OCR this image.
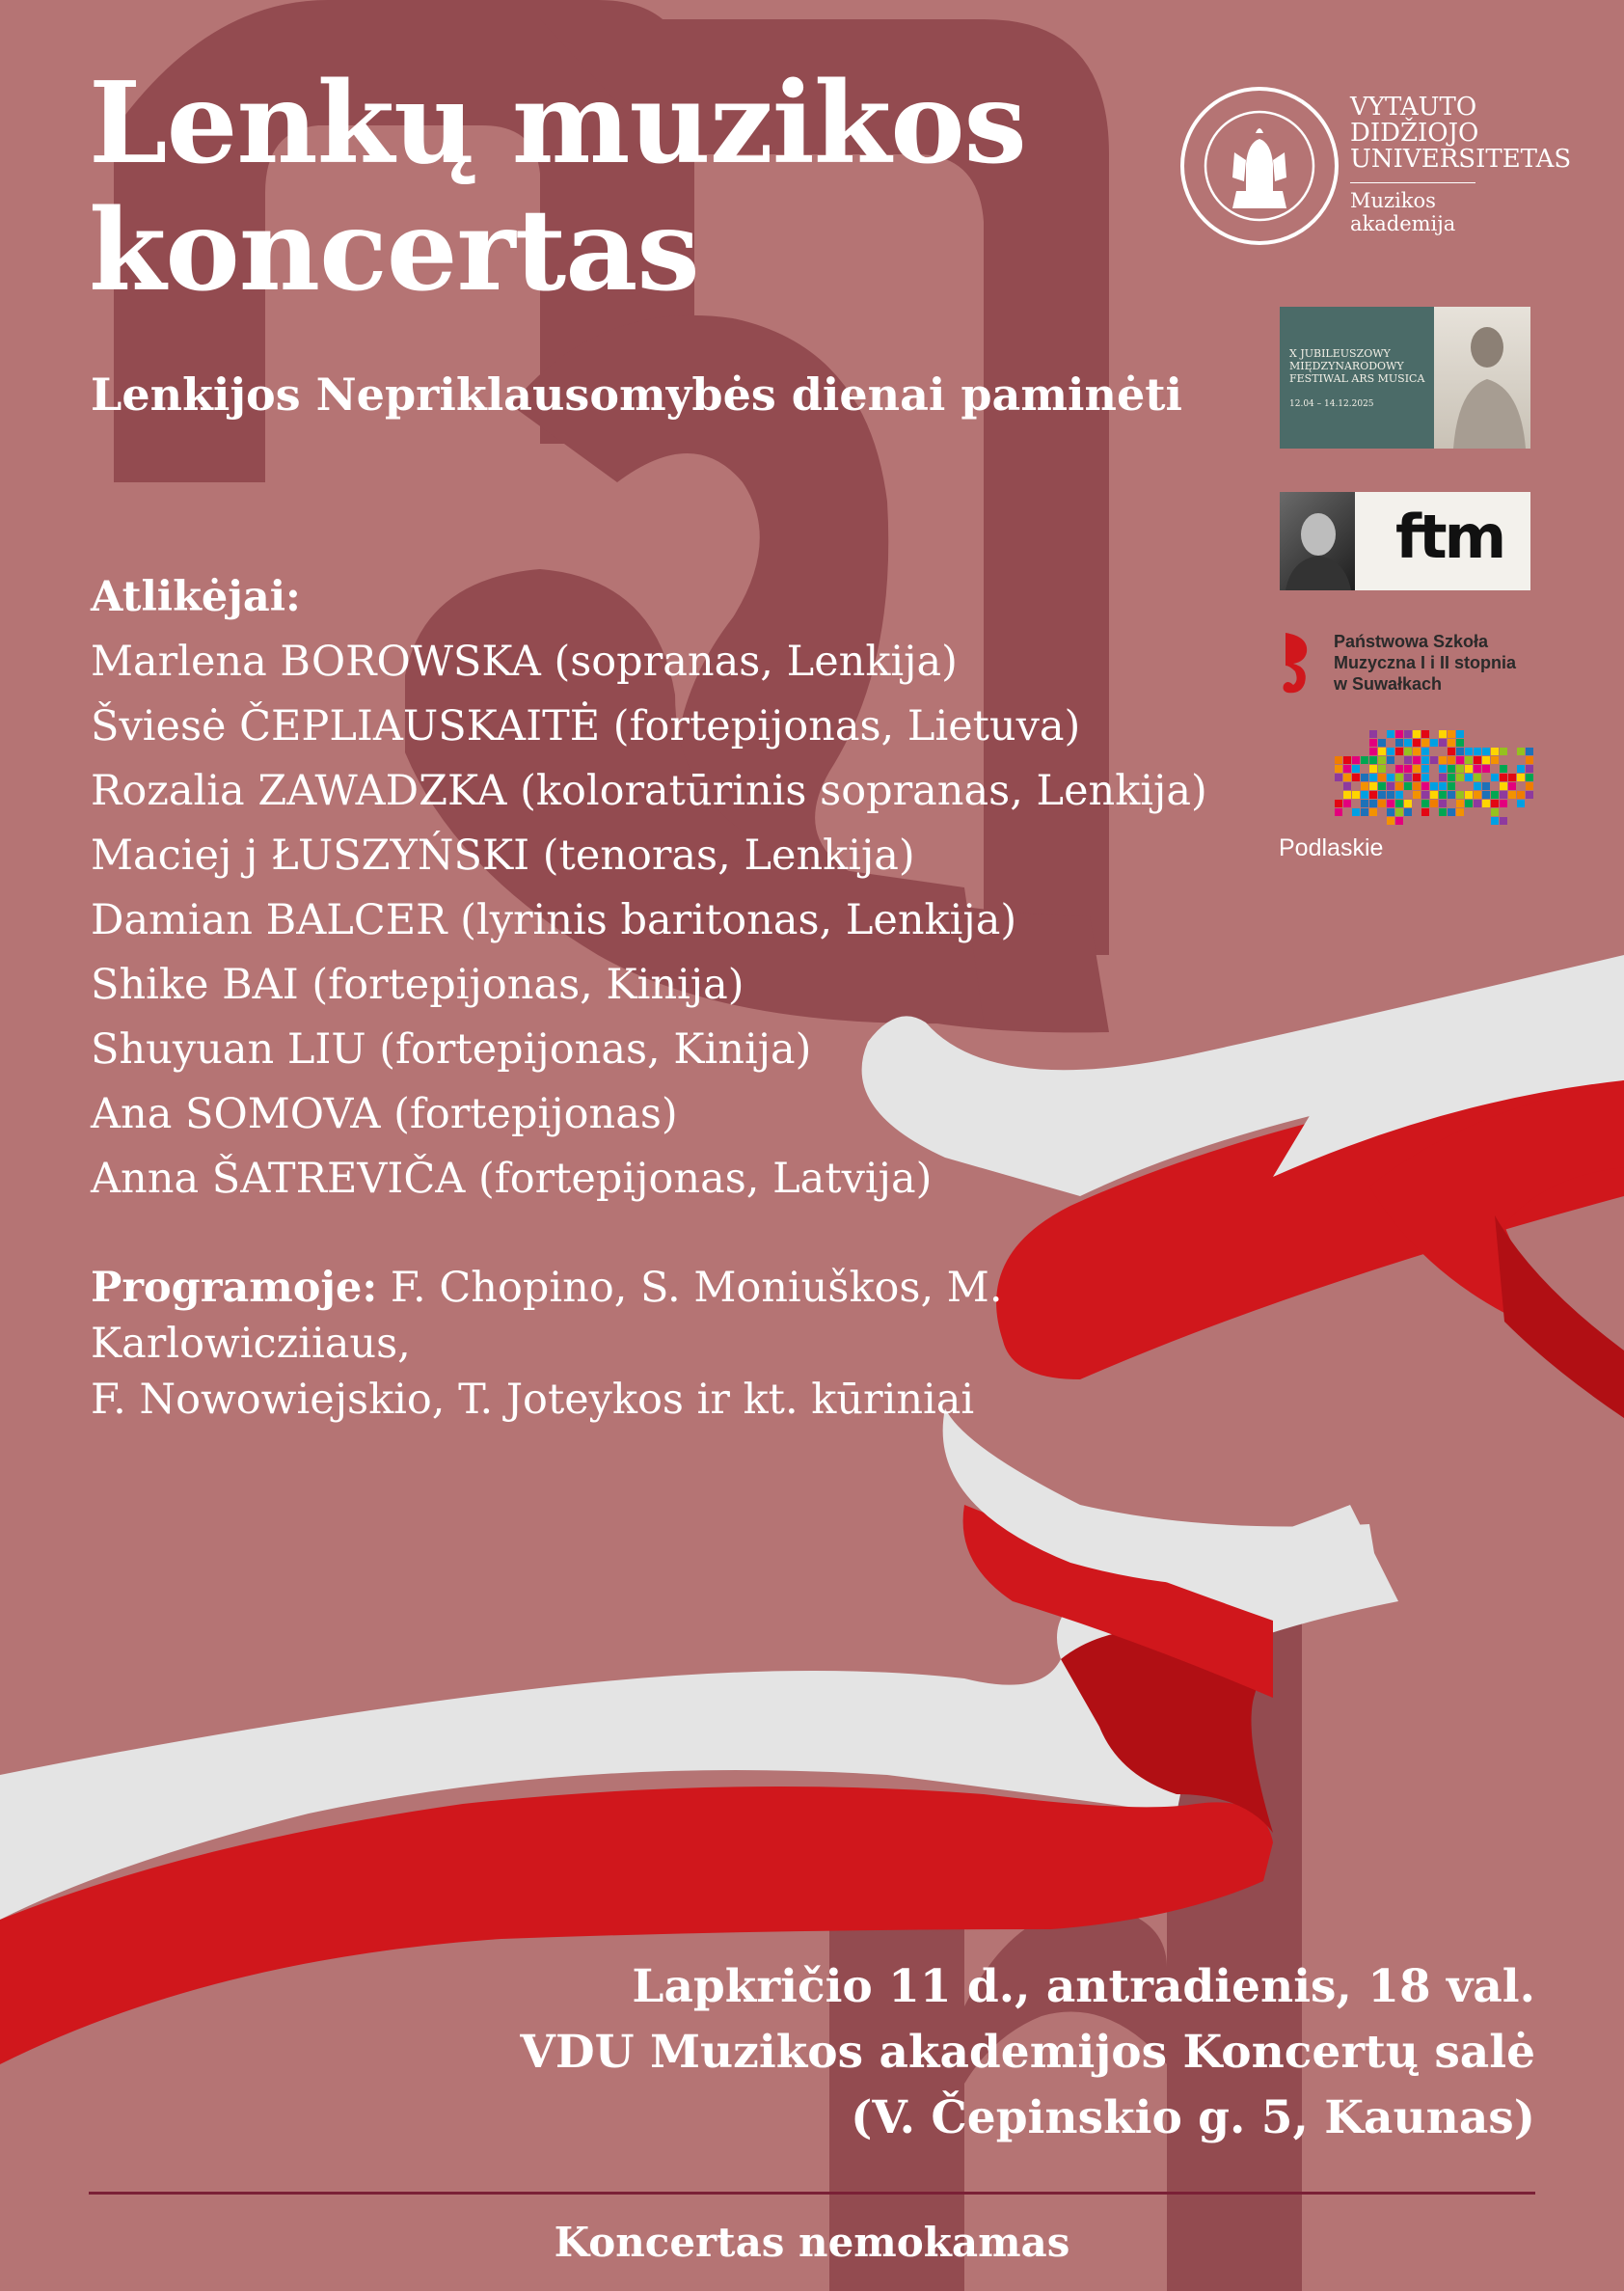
Lenkų muzikos koncertas
Lenkijos Nepriklausomybės dienai paminėti
Atlikėjai:
Marlena BOROWSKA (sopranas, Lenkija)
Šviesė ČEPLIAUSKAITĖ (fortepijonas, Lietuva)
Rozalia ZAWADZKA (koloratūrinis sopranas, Lenkija)
Maciej j ŁUSZYŃSKI (tenoras, Lenkija)
Damian BALCER (lyrinis baritonas, Lenkija)
Shike BAI (fortepijonas, Kinija)
Shuyuan LIU (fortepijonas, Kinija)
Ana SOMOVA (fortepijonas)
Anna ŠATREVIČA (fortepijonas, Latvija)
Programoje: F. Chopino, S. Moniuškos, M. Karlowicziiaus,
F. Nowowiejskio, T. Joteykos ir kt. kūriniai
Lapkričio 11 d., antradienis, 18 val.
VDU Muzikos akademijos Koncertų salė
(V. Čepinskio g. 5, Kaunas)
Koncertas nemokamas
VYTAUTO
DIDŽIOJO
UNIVERSITETAS
Muzikos
akademija
X JUBILEUSZOWY
MIĘDZYNARODOWY
FESTIWAL ARS MUSICA
12.04 – 14.12.2025
ftm
Państwowa Szkoła
Muzyczna I i II stopnia
w Suwałkach
Podlaskie
